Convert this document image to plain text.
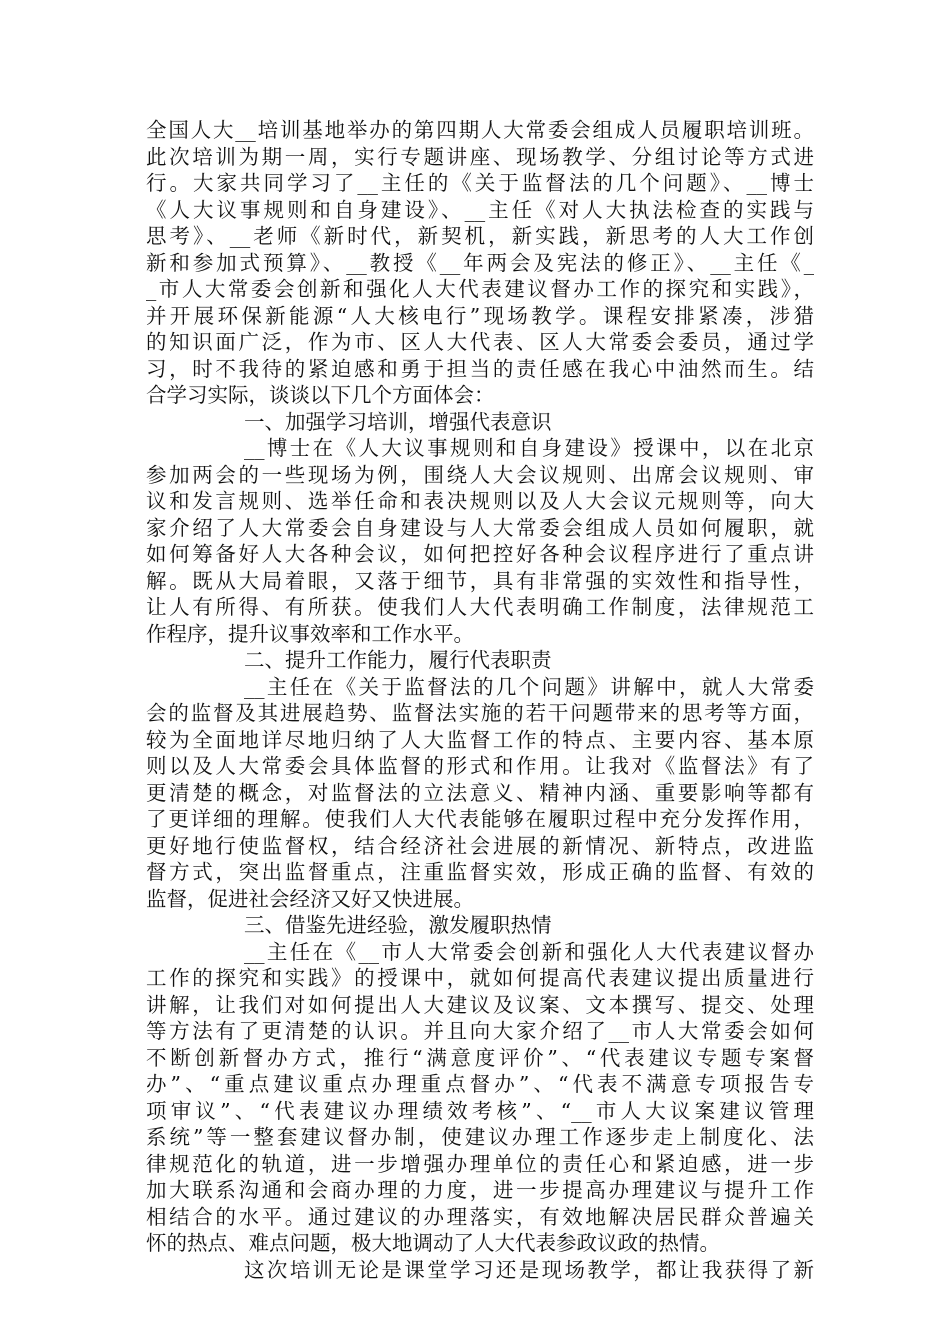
全国人大__培训基地举办的第四期人大常委会组成人员履职培训班。
此次培训为期一周，实行专题讲座、现场教学、分组讨论等方式进
行。大家共同学习了__主任的《关于监督法的几个问题》、__博士
《人大议事规则和自身建设》、__主任《对人大执法检查的实践与
思考》、__老师《新时代，新契机，新实践，新思考的人大工作创
新和参加式预算》、__教授《__年两会及宪法的修正》、__主任《_
_市人大常委会创新和强化人大代表建议督办工作的探究和实践》，
并开展环保新能源“人大核电行”现场教学。课程安排紧凑，涉猎
的知识面广泛，作为市、区人大代表、区人大常委会委员，通过学
习，时不我待的紧迫感和勇于担当的责任感在我心中油然而生。结
合学习实际，谈谈以下几个方面体会：
一、加强学习培训，增强代表意识
__博士在《人大议事规则和自身建设》授课中，以在北京
参加两会的一些现场为例，围绕人大会议规则、出席会议规则、审
议和发言规则、选举任命和表决规则以及人大会议元规则等，向大
家介绍了人大常委会自身建设与人大常委会组成人员如何履职，就
如何筹备好人大各种会议，如何把控好各种会议程序进行了重点讲
解。既从大局着眼，又落于细节，具有非常强的实效性和指导性，
让人有所得、有所获。使我们人大代表明确工作制度，法律规范工
作程序，提升议事效率和工作水平。
二、提升工作能力，履行代表职责
__主任在《关于监督法的几个问题》讲解中，就人大常委
会的监督及其进展趋势、监督法实施的若干问题带来的思考等方面，
较为全面地详尽地归纳了人大监督工作的特点、主要内容、基本原
则以及人大常委会具体监督的形式和作用。让我对《监督法》有了
更清楚的概念，对监督法的立法意义、精神内涵、重要影响等都有
了更详细的理解。使我们人大代表能够在履职过程中充分发挥作用，
更好地行使监督权，结合经济社会进展的新情况、新特点，改进监
督方式，突出监督重点，注重监督实效，形成正确的监督、有效的
监督，促进社会经济又好又快进展。
三、借鉴先进经验，激发履职热情
__主任在《__市人大常委会创新和强化人大代表建议督办
工作的探究和实践》的授课中，就如何提高代表建议提出质量进行
讲解，让我们对如何提出人大建议及议案、文本撰写、提交、处理
等方法有了更清楚的认识。并且向大家介绍了__市人大常委会如何
不断创新督办方式，推行“满意度评价”、“代表建议专题专案督
办”、“重点建议重点办理重点督办”、“代表不满意专项报告专
项审议”、“代表建议办理绩效考核”、“__市人大议案建议管理
系统”等一整套建议督办制，使建议办理工作逐步走上制度化、法
律规范化的轨道，进一步增强办理单位的责任心和紧迫感，进一步
加大联系沟通和会商办理的力度，进一步提高办理建议与提升工作
相结合的水平。通过建议的办理落实，有效地解决居民群众普遍关
怀的热点、难点问题，极大地调动了人大代表参政议政的热情。
这次培训无论是课堂学习还是现场教学，都让我获得了新
